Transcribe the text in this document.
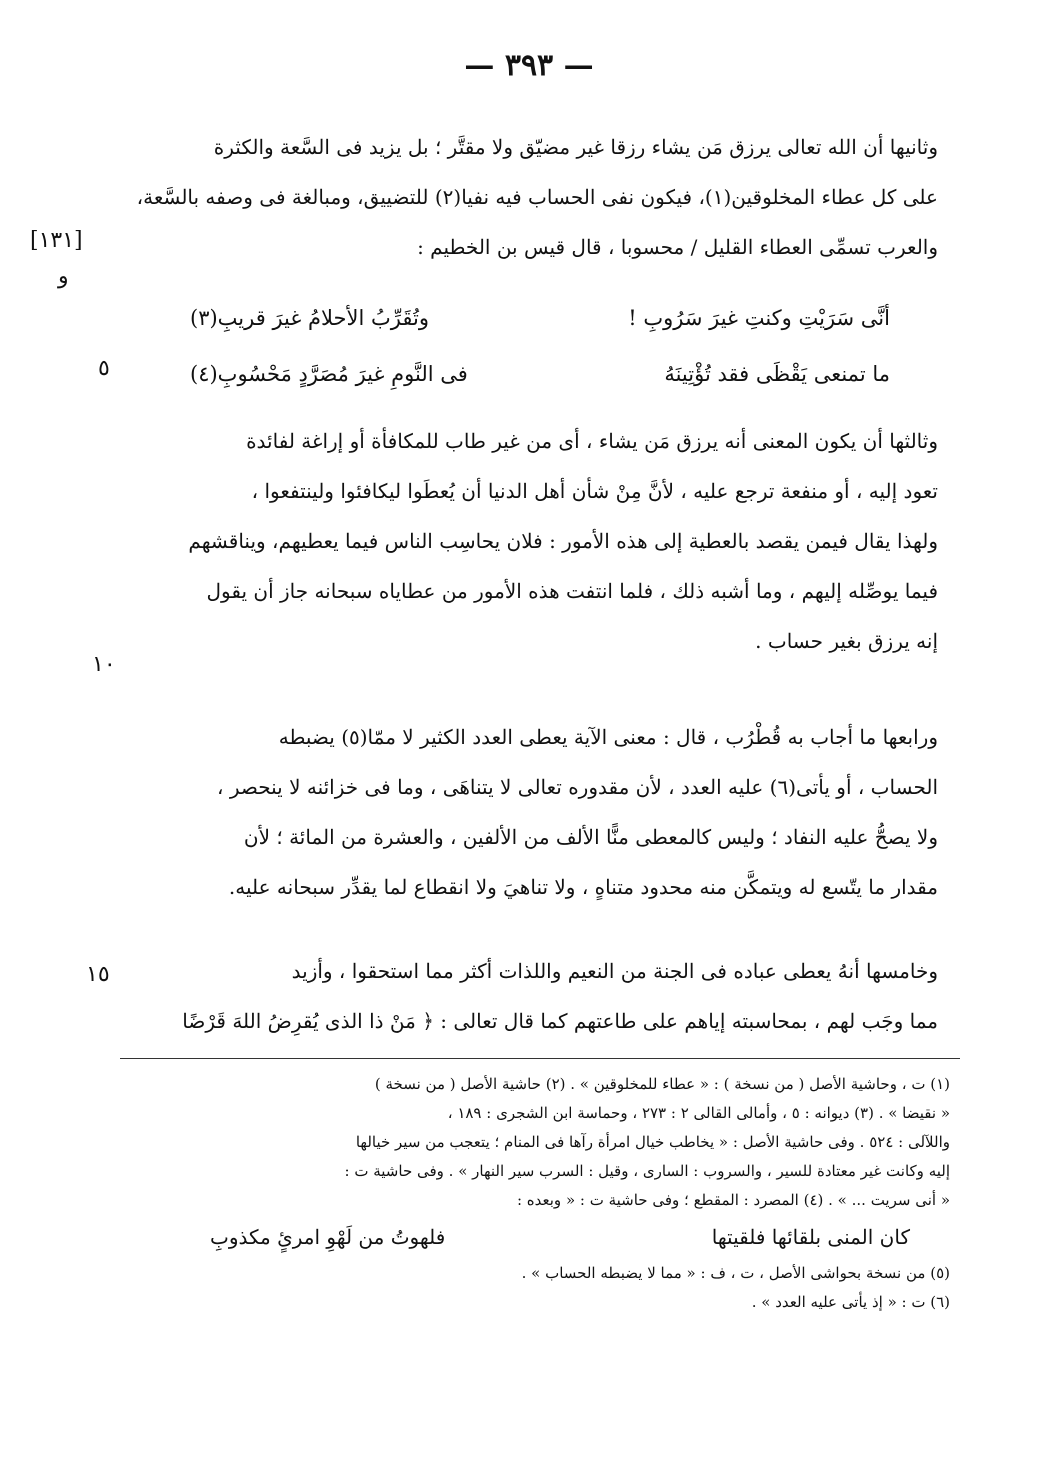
— ٣٩٣ —
[١٣١]
و
٥
١٠
١٥
وثانيها أن الله تعالى يرزق مَن يشاء رزقا غير مضيّق ولا مقتَّر ؛ بل يزيد فى السَّعة والكثرة
على كل عطاء المخلوقين(١)، فيكون نفى الحساب فيه نفيا(٢) للتضييق، ومبالغة فى وصفه بالسَّعة،
والعرب تسمِّى العطاء القليل / محسوبا ، قال قيس بن الخطيم :
أنَّى سَرَيْتِ وكنتِ غيرَ سَرُوبِ !
وتُقَرِّبُ الأحلامُ غيرَ قريبِ(٣)
ما تمنعى يَقْظَى فقد تُؤْتِينَهُ
فى النَّومِ غيرَ مُصَرَّدٍ مَحْسُوبِ(٤)
وثالثها أن يكون المعنى أنه يرزق مَن يشاء ، أى من غير طاب للمكافأة أو إراغة لفائدة
تعود إليه ، أو منفعة ترجع عليه ، لأنَّ مِنْ شأن أهل الدنيا أن يُعطَوا ليكافئوا ولينتفعوا ،
ولهذا يقال فيمن يقصد بالعطية إلى هذه الأمور : فلان يحاسِب الناس فيما يعطيهم، ويناقشهم
فيما يوصِّله إليهم ، وما أشبه ذلك ، فلما انتفت هذه الأمور من عطاياه سبحانه جاز أن يقول
إنه يرزق بغير حساب .
ورابعها ما أجاب به قُطْرُب ، قال : معنى الآية يعطى العدد الكثير لا ممّا(٥) يضبطه
الحساب ، أو يأتى(٦) عليه العدد ، لأن مقدوره تعالى لا يتناهَى ، وما فى خزائنه لا ينحصر ،
ولا يصحُّ عليه النفاد ؛ وليس كالمعطى منًّا الألف من الألفين ، والعشرة من المائة ؛ لأن
مقدار ما يتّسع له ويتمكَّن منه محدود متناهٍ ، ولا تناهيَ ولا انقطاع لما يقدِّر سبحانه عليه.
وخامسها أنهُ يعطى عباده فى الجنة من النعيم واللذات أكثر مما استحقوا ، وأزيد
مما وجَب لهم ، بمحاسبته إياهم على طاعتهم كما قال تعالى : ﴿ مَنْ ذا الذى يُقرِضُ اللهَ قَرْضًا
(١) ت ، وحاشية الأصل ( من نسخة ) : « عطاء للمخلوقين » . (٢) حاشية الأصل ( من نسخة )
« نقيضا » . (٣) ديوانه : ٥ ، وأمالى القالى ٢ : ٢٧٣ ، وحماسة ابن الشجرى : ١٨٩ ،
واللآلى : ٥٢٤ . وفى حاشية الأصل : « يخاطب خيال امرأة رآها فى المنام ؛ يتعجب من سير خيالها
إليه وكانت غير معتادة للسير ، والسروب : السارى ، وقيل : السرب سير النهار » . وفى حاشية ت :
« أنى سريت ... » . (٤) المصرد : المقطع ؛ وفى حاشية ت : « وبعده :
كان المنى بلقائها فلقيتها
فلهوتُ من لَهْوِ امرئٍ مكذوبِ
(٥) من نسخة بحواشى الأصل ، ت ، ف : « مما لا يضبطه الحساب » .
(٦) ت : « إذ يأتى عليه العدد » .
